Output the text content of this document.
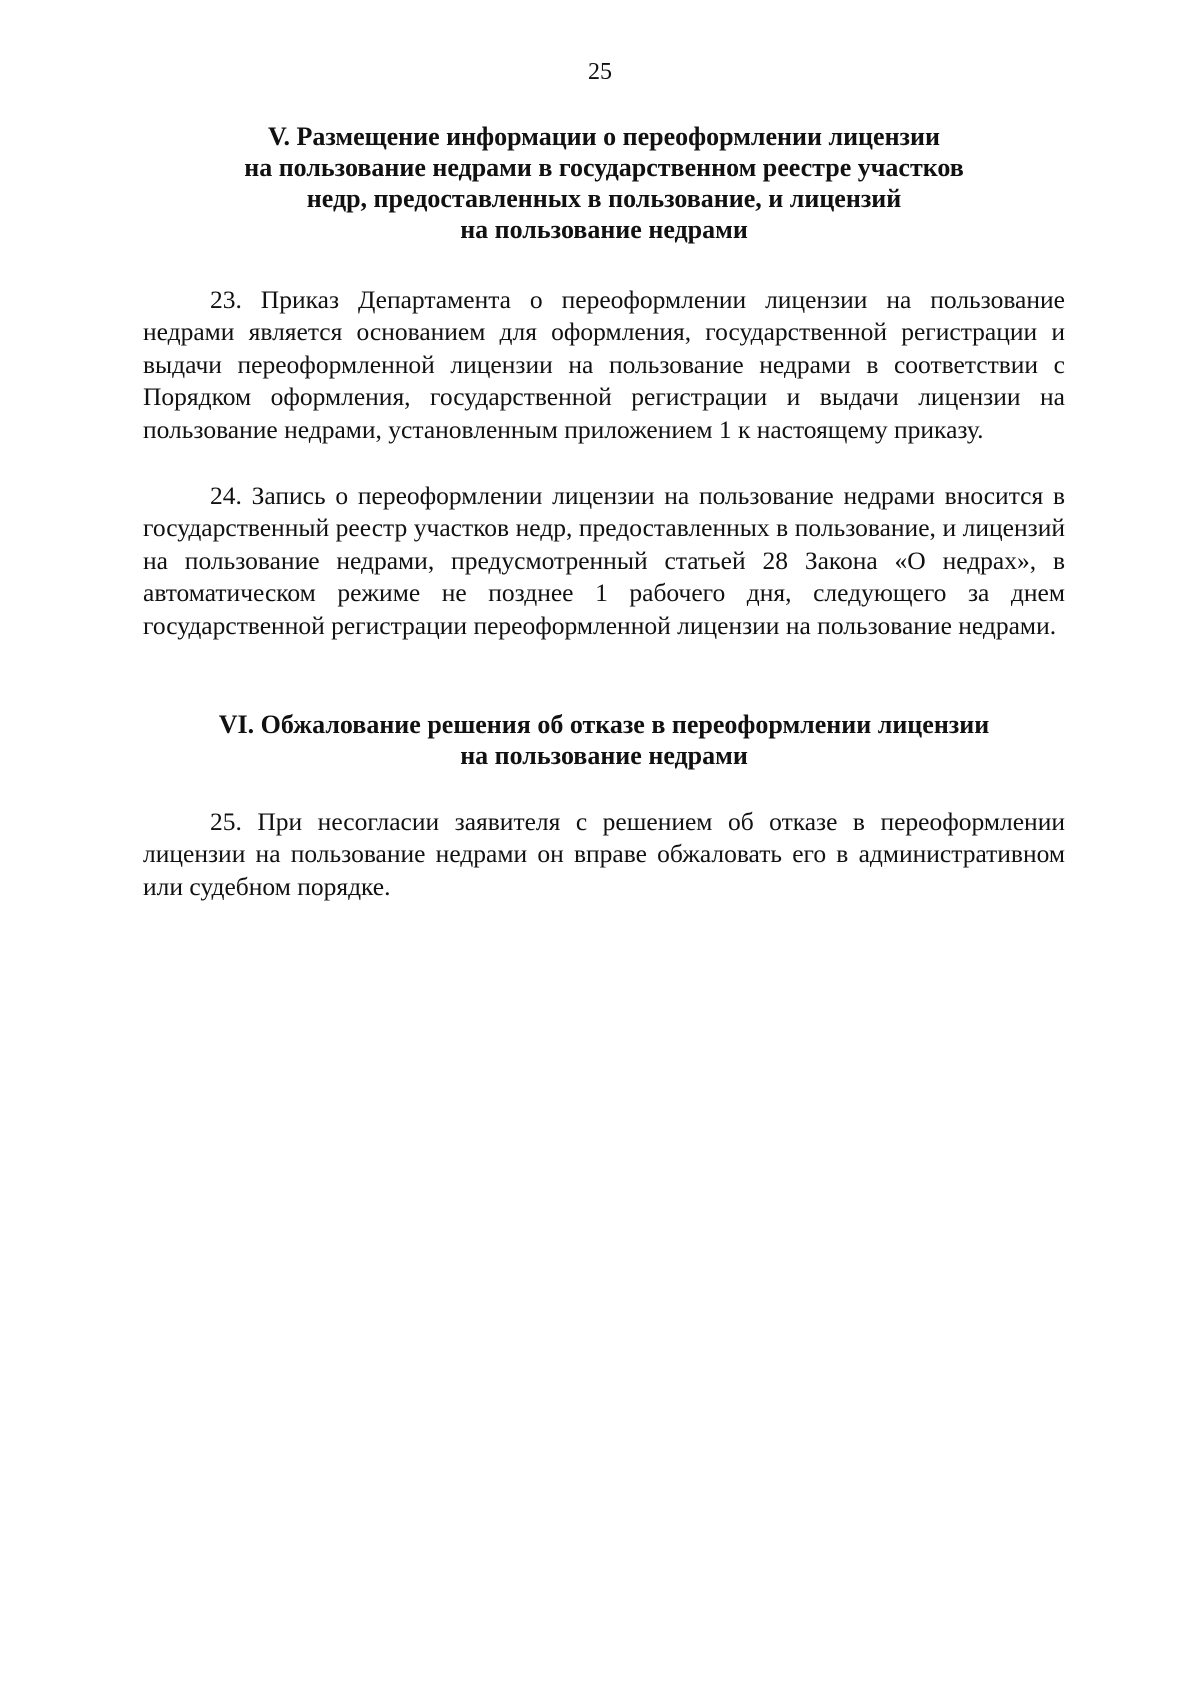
25
V. Размещение информации о переоформлении лицензии
на пользование недрами в государственном реестре участков
недр, предоставленных в пользование, и лицензий
на пользование недрами

23. Приказ Департамента о переоформлении лицензии на пользование недрами является основанием для оформления, государственной регистрации и выдачи переоформленной лицензии на пользование недрами в соответствии с Порядком оформления, государственной регистрации и выдачи лицензии на пользование недрами, установленным приложением 1 к настоящему приказу.

24. Запись о переоформлении лицензии на пользование недрами вносится в государственный реестр участков недр, предоставленных в пользование, и лицензий на пользование недрами, предусмотренный статьей 28 Закона «О недрах», в автоматическом режиме не позднее 1 рабочего дня, следующего за днем государственной регистрации переоформленной лицензии на пользование недрами.

VI. Обжалование решения об отказе в переоформлении лицензии
на пользование недрами

25. При несогласии заявителя с решением об отказе в переоформлении лицензии на пользование недрами он вправе обжаловать его в административном или судебном порядке.
